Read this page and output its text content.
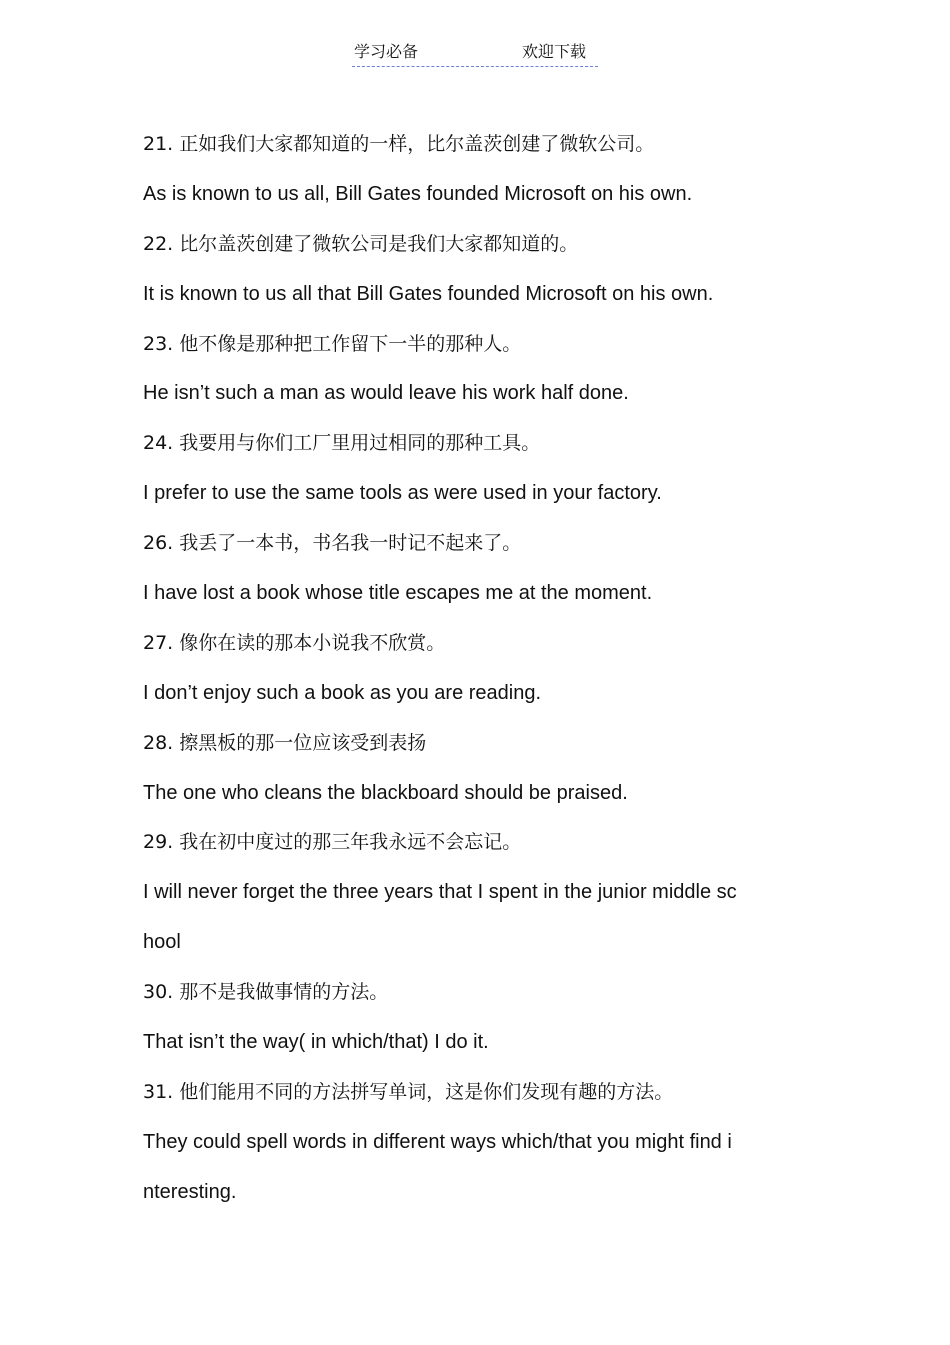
学习必备	欢迎下载
21. 正如我们大家都知道的一样，比尔盖茨创建了微软公司。
As is known to us all, Bill Gates founded Microsoft on his own.
22. 比尔盖茨创建了微软公司是我们大家都知道的。
It is known to us all that Bill Gates founded Microsoft on his own.
23. 他不像是那种把工作留下一半的那种人。
He isn’t such a man as would leave his work half done.
24. 我要用与你们工厂里用过相同的那种工具。
I prefer to use the same tools as were used in your factory.
26. 我丢了一本书，书名我一时记不起来了。
I have lost a book whose title escapes me at the moment.
27. 像你在读的那本小说我不欣赏。
I don’t enjoy such a book as you are reading.
28. 擦黑板的那一位应该受到表扬
The one who cleans the blackboard should be praised.
29. 我在初中度过的那三年我永远不会忘记。
I will never forget the three years that I spent in the junior middle sc
hool
30. 那不是我做事情的方法。
That isn’t the way( in which/that) I do it.
31. 他们能用不同的方法拼写单词，这是你们发现有趣的方法。
They could spell words in different ways which/that you might find i
nteresting.
